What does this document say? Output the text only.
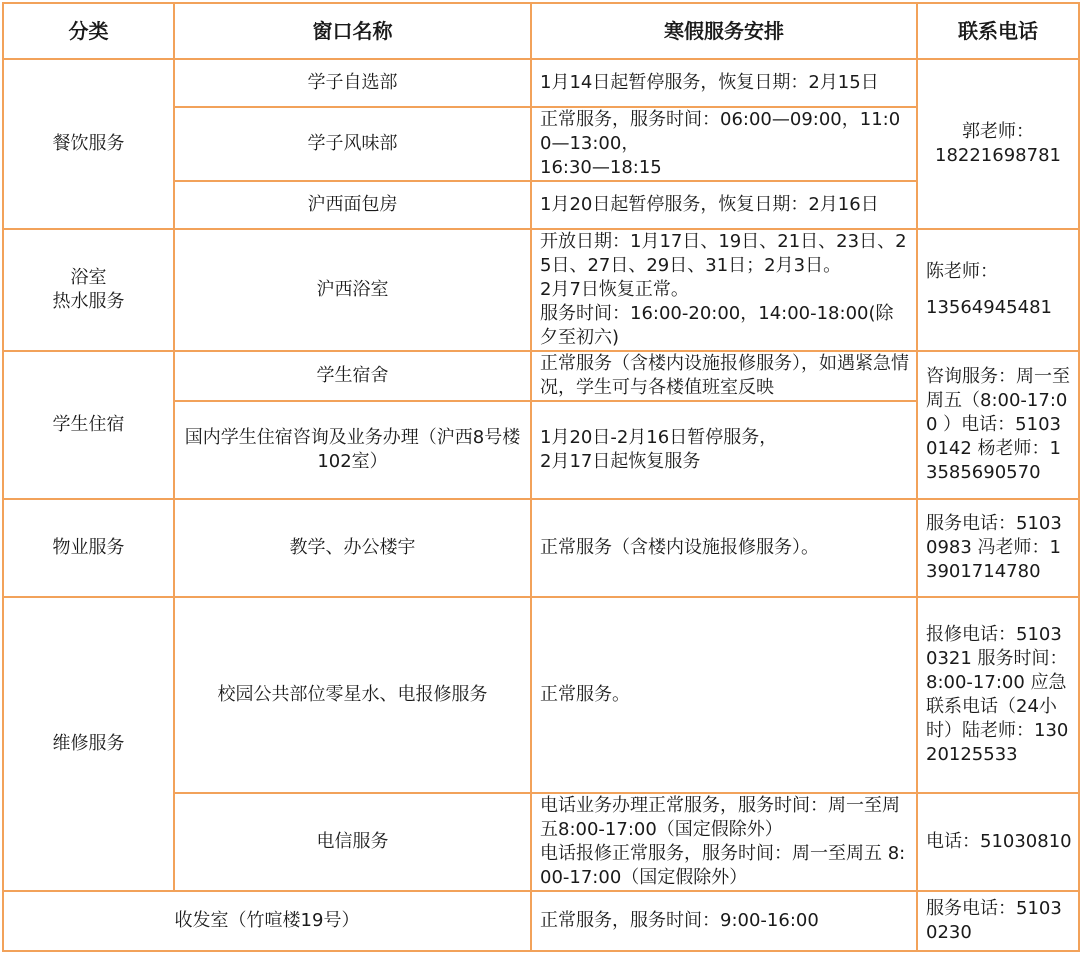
分类	窗口名称	寒假服务安排	联系电话
餐饮服务	学子自选部	1月14日起暂停服务，恢复日期：2月15日	郭老师：
18221698781

	学子风味部	正常服务，服务时间：06:00—09:00，11:00—13:00，
16:30—18:15	

	沪西面包房	1月20日起暂停服务，恢复日期：2月16日	

浴室
热水服务	沪西浴室	开放日期：1月17日、19日、21日、23日、25日、27日、29日、31日；2月3日。
2月7日恢复正常。
服务时间：16:00-20:00，14:00-18:00(除夕至初六)	陈老师：
13564945481

学生住宿	学生宿舍	正常服务（含楼内设施报修服务），如遇紧急情况，学生可与各楼值班室反映	咨询服务：周一至周五（8:00-17:00 ）电话：51030142 杨老师：13585690570
	国内学生住宿咨询及业务办理（沪西8号楼102室）	1月20日-2月16日暂停服务，
2月17日起恢复服务	

物业服务	教学、办公楼宇	正常服务（含楼内设施报修服务）。	服务电话：51030983 冯老师：13901714780
维修服务	校园公共部位零星水、电报修服务	正常服务。	报修电话：51030321 服务时间：8:00-17:00 应急联系电话（24小时）陆老师：13020125533
	电信服务	电话业务办理正常服务，服务时间：周一至周五8:00-17:00（国定假除外）
电话报修正常服务，服务时间：周一至周五 8:00-17:00（国定假除外）	电话：51030810
收发室（竹喧楼19号）		正常服务，服务时间：9:00-16:00	服务电话：51030230
